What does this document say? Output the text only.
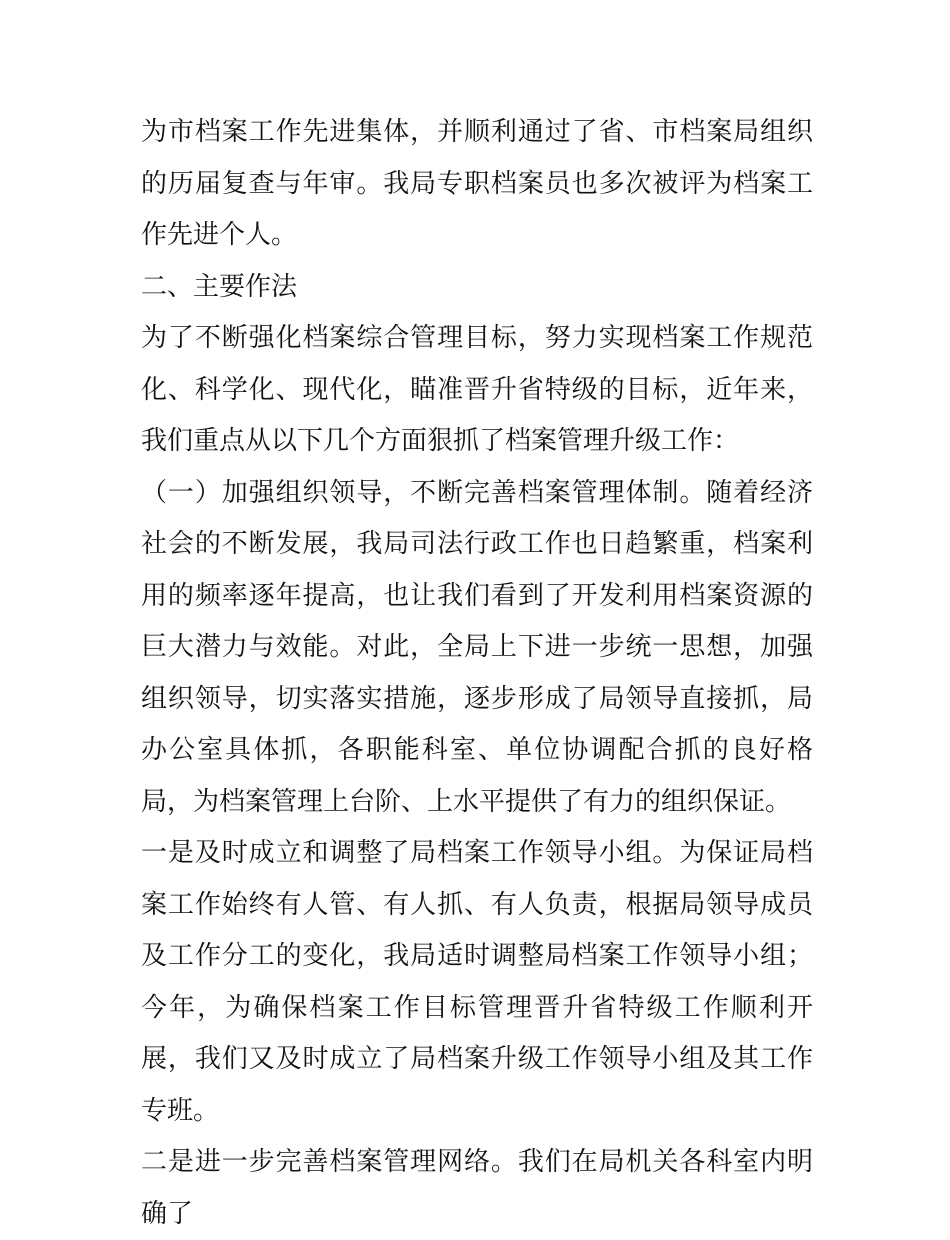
为市档案工作先进集体，并顺利通过了省、市档案局组织的历届复查与年审。我局专职档案员也多次被评为档案工作先进个人。

二、主要作法

为了不断强化档案综合管理目标，努力实现档案工作规范化、科学化、现代化，瞄准晋升省特级的目标，近年来，我们重点从以下几个方面狠抓了档案管理升级工作：

（一）加强组织领导，不断完善档案管理体制。随着经济社会的不断发展，我局司法行政工作也日趋繁重，档案利用的频率逐年提高，也让我们看到了开发利用档案资源的巨大潜力与效能。对此，全局上下进一步统一思想，加强组织领导，切实落实措施，逐步形成了局领导直接抓，局办公室具体抓，各职能科室、单位协调配合抓的良好格局，为档案管理上台阶、上水平提供了有力的组织保证。

一是及时成立和调整了局档案工作领导小组。为保证局档案工作始终有人管、有人抓、有人负责，根据局领导成员及工作分工的变化，我局适时调整局档案工作领导小组；今年，为确保档案工作目标管理晋升省特级工作顺利开展，我们又及时成立了局档案升级工作领导小组及其工作专班。

二是进一步完善档案管理网络。我们在局机关各科室内明确了
